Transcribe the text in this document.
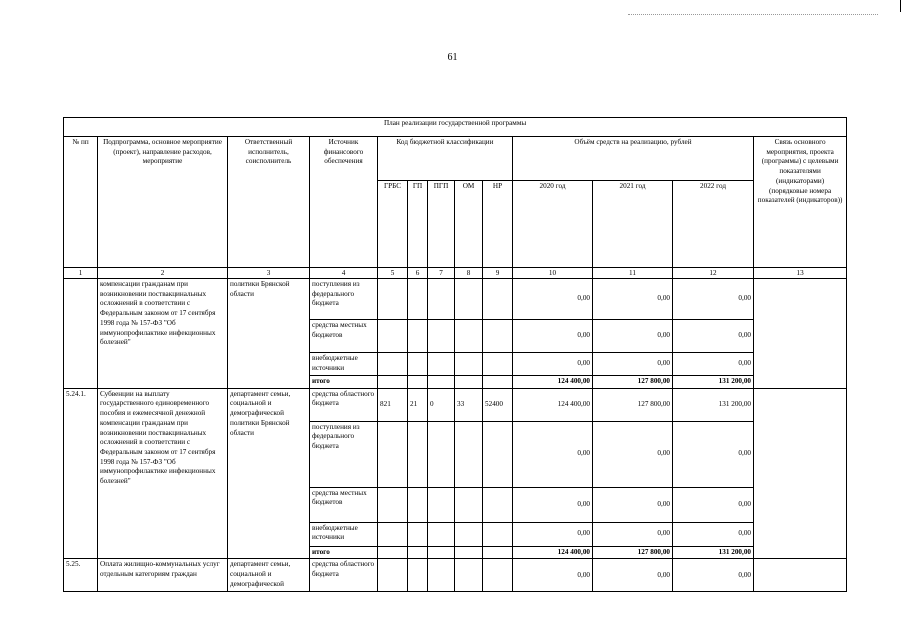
61
План реализации государственной программы												
№ пп	Подпрограмма, основное мероприятие (проект), направление расходов, мероприятие	Ответственный исполнитель, соисполнитель	Источник финансового обеспечения	Код бюджетной классификации					Объём средств на реализацию, рублей			Связь основного мероприятия, проекта (программы) с целевыми показателями (индикаторами) (порядковые номера показателей (индикаторов))
				ГРБС	ГП	ПГП	ОМ	НР	2020 год	2021 год	2022 год	
1	2	3	4	5	6	7	8	9	10	11	12	13
	компенсации гражданам при возникновении поствакцинальных осложнений в соответствии с Федеральным законом от 17 сентября 1998 года № 157-ФЗ "Об иммунопрофилактике инфекционных болезней"	политики Брянской области	поступления из федерального бюджета						0,00	0,00	0,00	
			средства местных бюджетов						0,00	0,00	0,00	
			внебюджетные источники						0,00	0,00	0,00	
			итого						124 400,00	127 800,00	131 200,00	
5.24.1.	Субвенции на выплату государственного единовременного пособия и ежемесячной денежной компенсации гражданам при возникновении поствакцинальных осложнений в соответствии с Федеральным законом от 17 сентября 1998 года № 157-ФЗ "Об иммунопрофилактике инфекционных болезней"	департамент семьи, социальной и демографической политики Брянской области	средства областного бюджета	821	21	0	33	52400	124 400,00	127 800,00	131 200,00	
			поступления из федерального бюджета						0,00	0,00	0,00	
			средства местных бюджетов						0,00	0,00	0,00	
			внебюджетные источники						0,00	0,00	0,00	
			итого						124 400,00	127 800,00	131 200,00	
5.25.	Оплата жилищно-коммунальных услуг отдельным категориям граждан	департамент семьи, социальной и демографической	средства областного бюджета						0,00	0,00	0,00	
